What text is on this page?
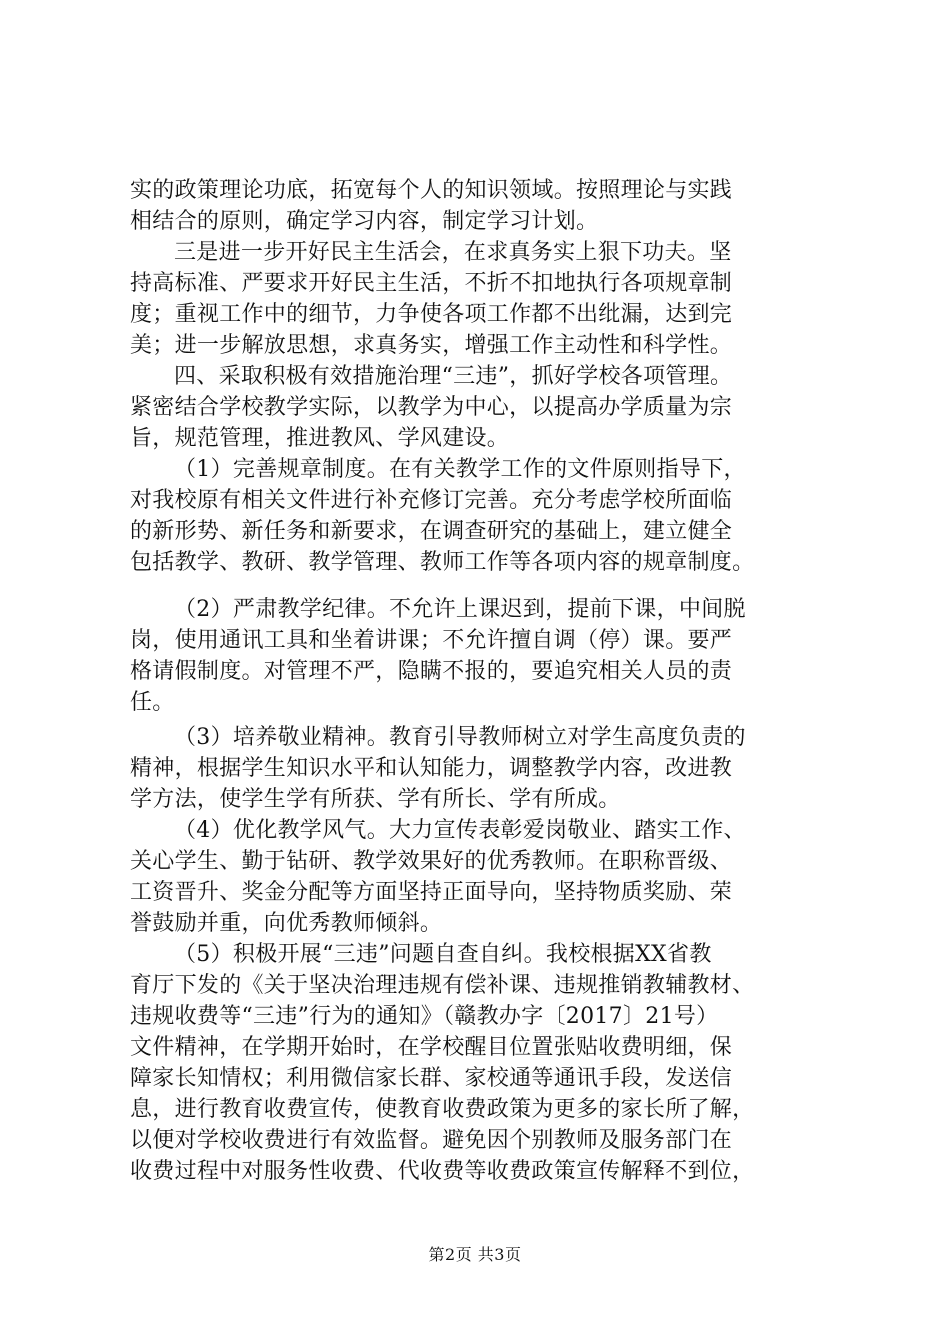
实的政策理论功底，拓宽每个人的知识领域。按照理论与实践
相结合的原则，确定学习内容，制定学习计划。
三是进一步开好民主生活会，在求真务实上狠下功夫。坚
持高标准、严要求开好民主生活，不折不扣地执行各项规章制
度；重视工作中的细节，力争使各项工作都不出纰漏，达到完
美；进一步解放思想，求真务实，增强工作主动性和科学性。
四、采取积极有效措施治理“三违”，抓好学校各项管理。
紧密结合学校教学实际，以教学为中心，以提高办学质量为宗
旨，规范管理，推进教风、学风建设。
（1）完善规章制度。在有关教学工作的文件原则指导下，
对我校原有相关文件进行补充修订完善。充分考虑学校所面临
的新形势、新任务和新要求，在调查研究的基础上，建立健全
包括教学、教研、教学管理、教师工作等各项内容的规章制度。
（2）严肃教学纪律。不允许上课迟到，提前下课，中间脱
岗，使用通讯工具和坐着讲课；不允许擅自调（停）课。要严
格请假制度。对管理不严，隐瞒不报的，要追究相关人员的责
任。
（3）培养敬业精神。教育引导教师树立对学生高度负责的
精神，根据学生知识水平和认知能力，调整教学内容，改进教
学方法，使学生学有所获、学有所长、学有所成。
（4）优化教学风气。大力宣传表彰爱岗敬业、踏实工作、
关心学生、勤于钻研、教学效果好的优秀教师。在职称晋级、
工资晋升、奖金分配等方面坚持正面导向，坚持物质奖励、荣
誉鼓励并重，向优秀教师倾斜。
（5）积极开展“三违”问题自查自纠。我校根据XX省教
育厅下发的《关于坚决治理违规有偿补课、违规推销教辅教材、
违规收费等“三违”行为的通知》（赣教办字〔2017〕21号）
文件精神，在学期开始时，在学校醒目位置张贴收费明细，保
障家长知情权；利用微信家长群、家校通等通讯手段，发送信
息，进行教育收费宣传，使教育收费政策为更多的家长所了解，
以便对学校收费进行有效监督。避免因个别教师及服务部门在
收费过程中对服务性收费、代收费等收费政策宣传解释不到位，
第2页 共3页
